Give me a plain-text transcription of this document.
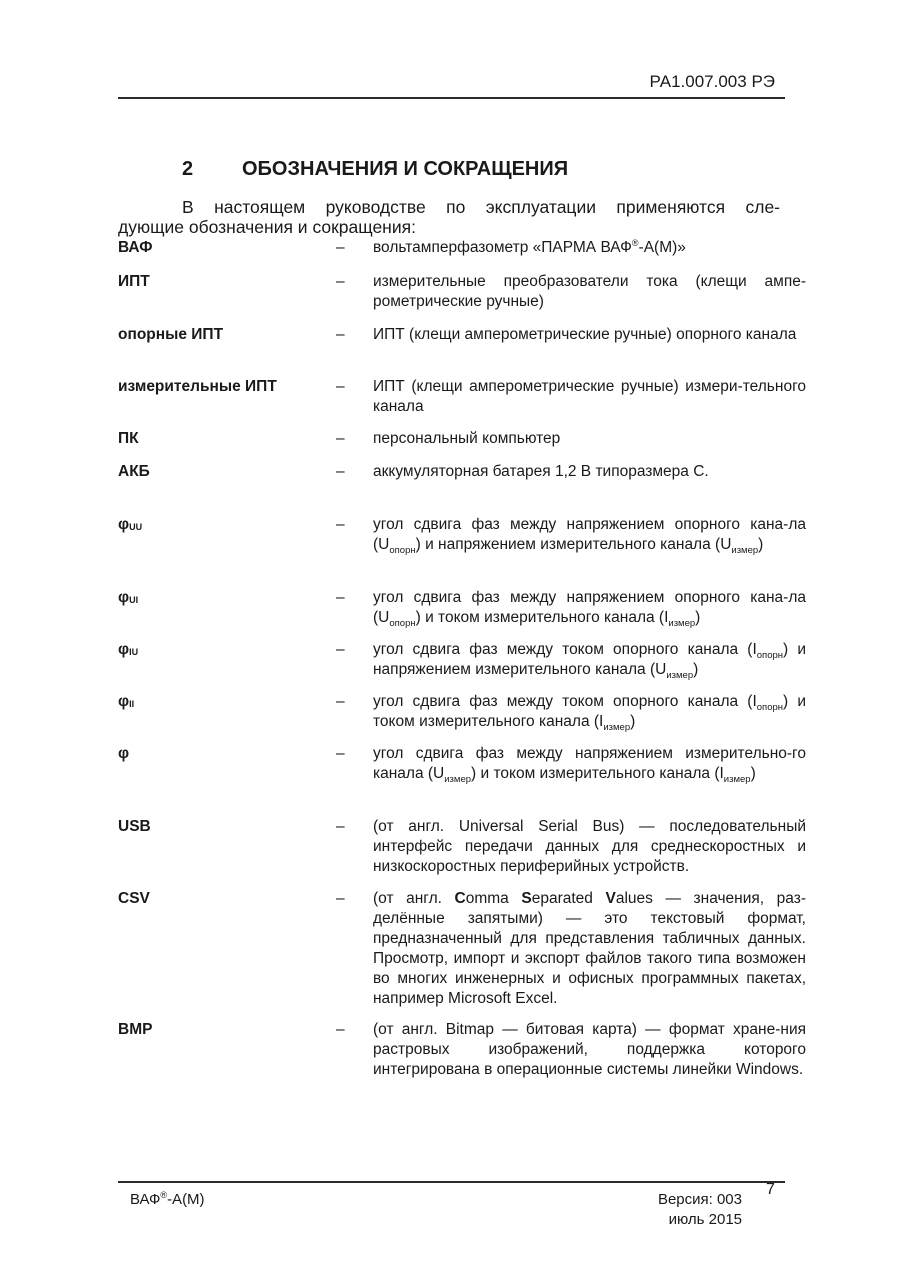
РА1.007.003 РЭ
2 ОБОЗНАЧЕНИЯ И СОКРАЩЕНИЯ
В настоящем руководстве по эксплуатации применяются сле-
дующие обозначения и сокращения:
ВАФ	– вольтамперфазометр «ПАРМА ВАФ®-А(М)»
ИПТ	– измерительные преобразователи тока (клещи ампе-рометрические ручные)
опорные ИПТ	– ИПТ (клещи амперометрические ручные) опорного канала
измерительные ИПТ	– ИПТ (клещи амперометрические ручные) измери-тельного канала
ПК	– персональный компьютер
АКБ	– аккумуляторная батарея 1,2 В типоразмера С.
$\varphi_{UU}$	– угол сдвига фаз между напряжением опорного кана-ла $(U_{опорн})$ и напряжением измерительного канала $(U_{измер})$
$\varphi_{UI}$	– угол сдвига фаз между напряжением опорного кана-ла $(U_{опорн})$ и током измерительного канала $(I_{измер})$
$\varphi_{IU}$	– угол сдвига фаз между током опорного канала $(I_{опорн})$ и напряжением измерительного канала $(U_{измер})$
$\varphi_{II}$	– угол сдвига фаз между током опорного канала $(I_{опорн})$ и током измерительного канала $(I_{измер})$
φ	– угол сдвига фаз между напряжением измерительно-го канала $(U_{измер})$ и током измерительного канала $(I_{измер})$
USB	– (от англ. Universal Serial Bus) — последовательный интерфейс передачи данных для среднескоростных и низкоскоростных периферийных устройств.
CSV	– (от англ. Comma Separated Values — значения, раз-делённые запятыми) — это текстовый формат, предназначенный для представления табличных данных. Просмотр, импорт и экспорт файлов такого типа возможен во многих инженерных и офисных программных пакетах, например Microsoft Excel.
BMP	– (от англ. Bitmap — битовая карта) — формат хране-ния растровых изображений, поддержка которого интегрирована в операционные системы линейки Windows.
ВАФ®-А(М)	Версия: 003
июль 2015
7
